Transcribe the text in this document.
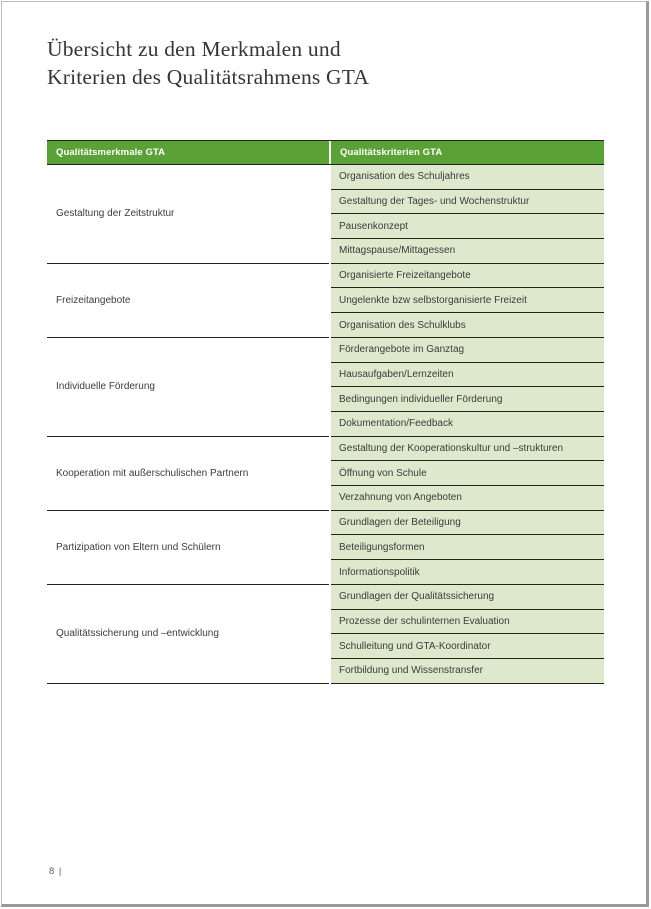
Übersicht zu den Merkmalen und
Kriterien des Qualitätsrahmens GTA
Qualitätsmerkmale GTA	Qualitätskriterien GTA
Gestaltung der Zeitstruktur
Organisation des Schuljahres
Gestaltung der Tages- und Wochenstruktur
Pausenkonzept
Mittagspause/Mittagessen
Freizeitangebote
Organisierte Freizeitangebote
Ungelenkte bzw selbstorganisierte Freizeit
Organisation des Schulklubs
Individuelle Förderung
Förderangebote im Ganztag
Hausaufgaben/Lernzeiten
Bedingungen individueller Förderung
Dokumentation/Feedback
Kooperation mit außerschulischen Partnern
Gestaltung der Kooperationskultur und –strukturen
Öffnung von Schule
Verzahnung von Angeboten
Partizipation von Eltern und Schülern
Grundlagen der Beteiligung
Beteiligungsformen
Informationspolitik
Qualitätssicherung und –entwicklung
Grundlagen der Qualitätssicherung
Prozesse der schulinternen Evaluation
Schulleitung und GTA-Koordinator
Fortbildung und Wissenstransfer
8 |
